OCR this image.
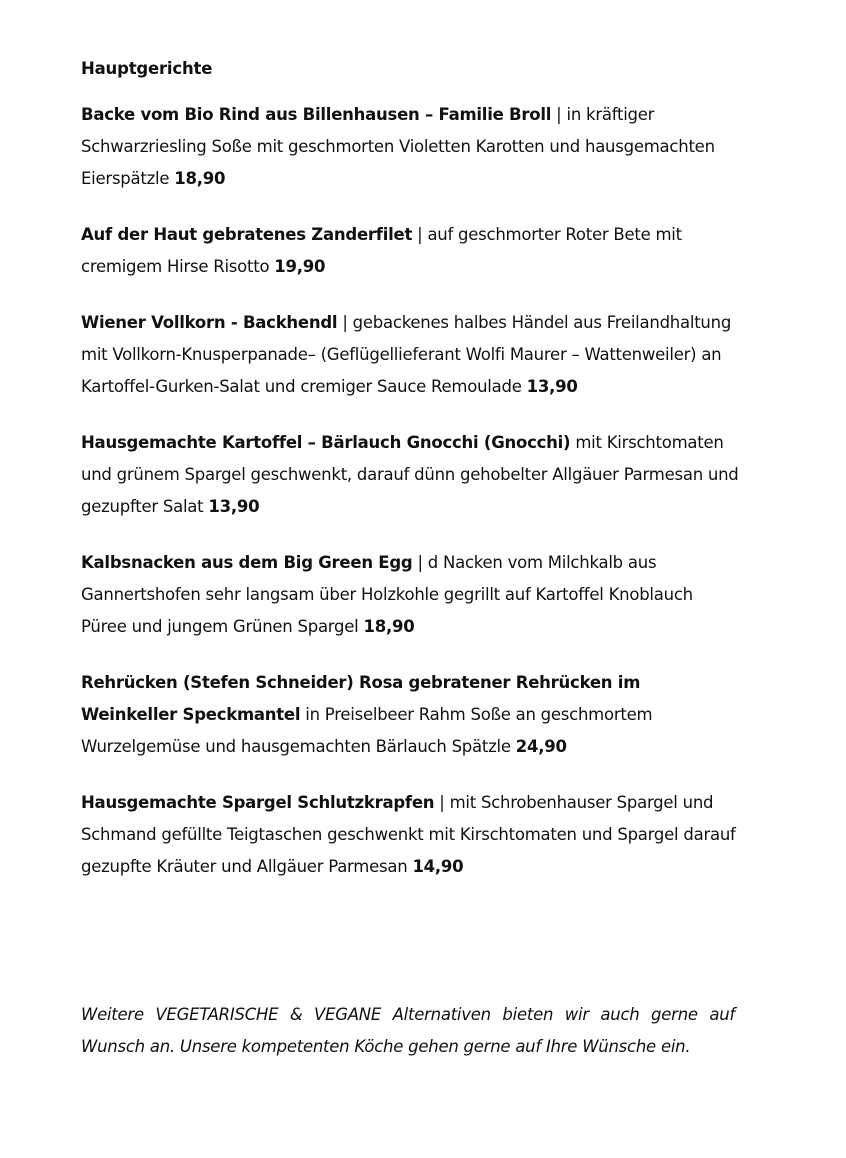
Hauptgerichte
Backe vom Bio Rind aus Billenhausen – Familie Broll | in kräftiger Schwarzriesling Soße mit geschmorten Violetten Karotten und hausgemachten Eierspätzle 18,90
Auf der Haut gebratenes Zanderfilet | auf geschmorter Roter Bete mit cremigem Hirse Risotto 19,90
Wiener Vollkorn - Backhendl | gebackenes halbes Händel aus Freilandhaltung mit Vollkorn-Knusperpanade– (Geflügellieferant Wolfi Maurer – Wattenweiler) an Kartoffel-Gurken-Salat und cremiger Sauce Remoulade 13,90
Hausgemachte Kartoffel – Bärlauch Gnocchi (Gnocchi) mit Kirschtomaten und grünem Spargel geschwenkt, darauf dünn gehobelter Allgäuer Parmesan und gezupfter Salat 13,90
Kalbsnacken aus dem Big Green Egg | d Nacken vom Milchkalb aus Gannertshofen sehr langsam über Holzkohle gegrillt auf Kartoffel Knoblauch Püree und jungem Grünen Spargel 18,90
Rehrücken (Stefen Schneider) Rosa gebratener Rehrücken im Weinkeller Speckmantel in Preiselbeer Rahm Soße an geschmortem Wurzelgemüse und hausgemachten Bärlauch Spätzle 24,90
Hausgemachte Spargel Schlutzkrapfen | mit Schrobenhauser Spargel und Schmand gefüllte Teigtaschen geschwenkt mit Kirschtomaten und Spargel darauf gezupfte Kräuter und Allgäuer Parmesan 14,90
Weitere VEGETARISCHE & VEGANE Alternativen bieten wir auch gerne auf Wunsch an. Unsere kompetenten Köche gehen gerne auf Ihre Wünsche ein.
